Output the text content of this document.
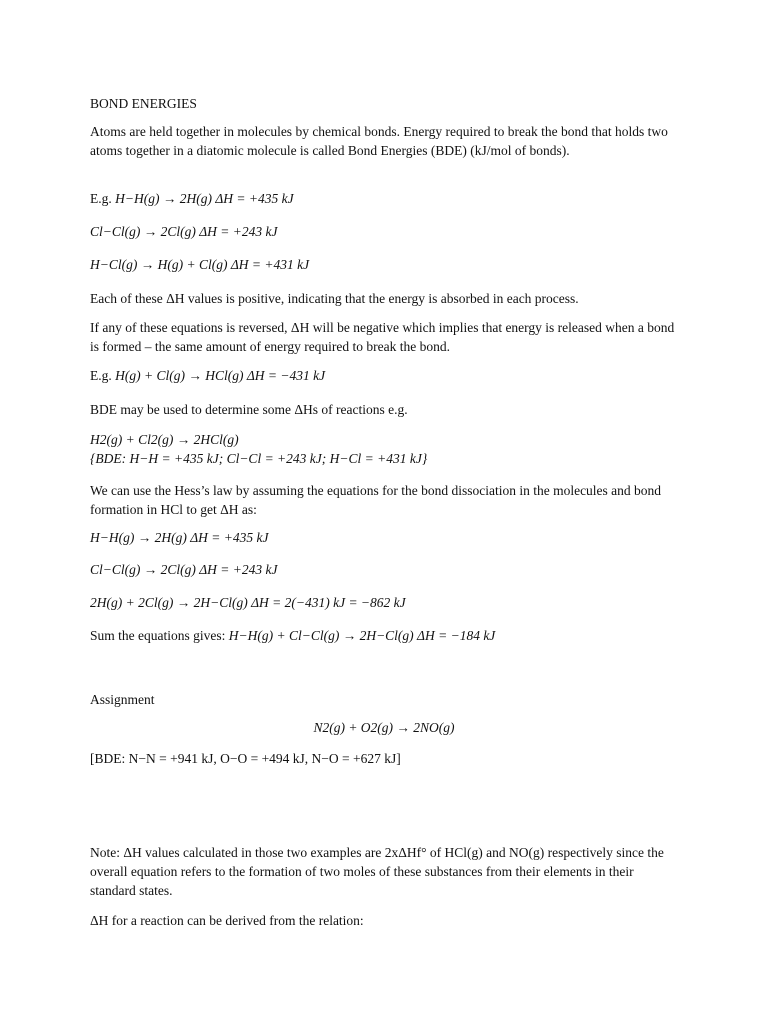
BOND ENERGIES

Atoms are held together in molecules by chemical bonds. Energy required to break the bond that holds two atoms together in a diatomic molecule is called Bond Energies (BDE) (kJ/mol of bonds).

E.g. H−H(g) → 2H(g) ΔH = +435 kJ
Cl−Cl(g) → 2Cl(g) ΔH = +243 kJ
H−Cl(g) → H(g) + Cl(g) ΔH = +431 kJ

Each of these ΔH values is positive, indicating that the energy is absorbed in each process.

If any of these equations is reversed, ΔH will be negative which implies that energy is released when a bond is formed – the same amount of energy required to break the bond.

E.g. H(g) + Cl(g) → HCl(g) ΔH = −431 kJ

BDE may be used to determine some ΔHs of reactions e.g.

H2(g) + Cl2(g) → 2HCl(g)
{BDE: H−H = +435 kJ; Cl−Cl = +243 kJ; H−Cl = +431 kJ}

We can use the Hess’s law by assuming the equations for the bond dissociation in the molecules and bond formation in HCl to get ΔH as:

H−H(g) → 2H(g) ΔH = +435 kJ
Cl−Cl(g) → 2Cl(g) ΔH = +243 kJ
2H(g) + 2Cl(g) → 2H−Cl(g) ΔH = 2(−431) kJ = −862 kJ
Sum the equations gives: H−H(g) + Cl−Cl(g) → 2H−Cl(g) ΔH = −184 kJ

Assignment

N2(g) + O2(g) → 2NO(g)
[BDE: N−N = +941 kJ, O−O = +494 kJ, N−O = +627 kJ]

Note: ΔH values calculated in those two examples are 2xΔHf° of HCl(g) and NO(g) respectively since the overall equation refers to the formation of two moles of these substances from their elements in their standard states.

ΔH for a reaction can be derived from the relation:
